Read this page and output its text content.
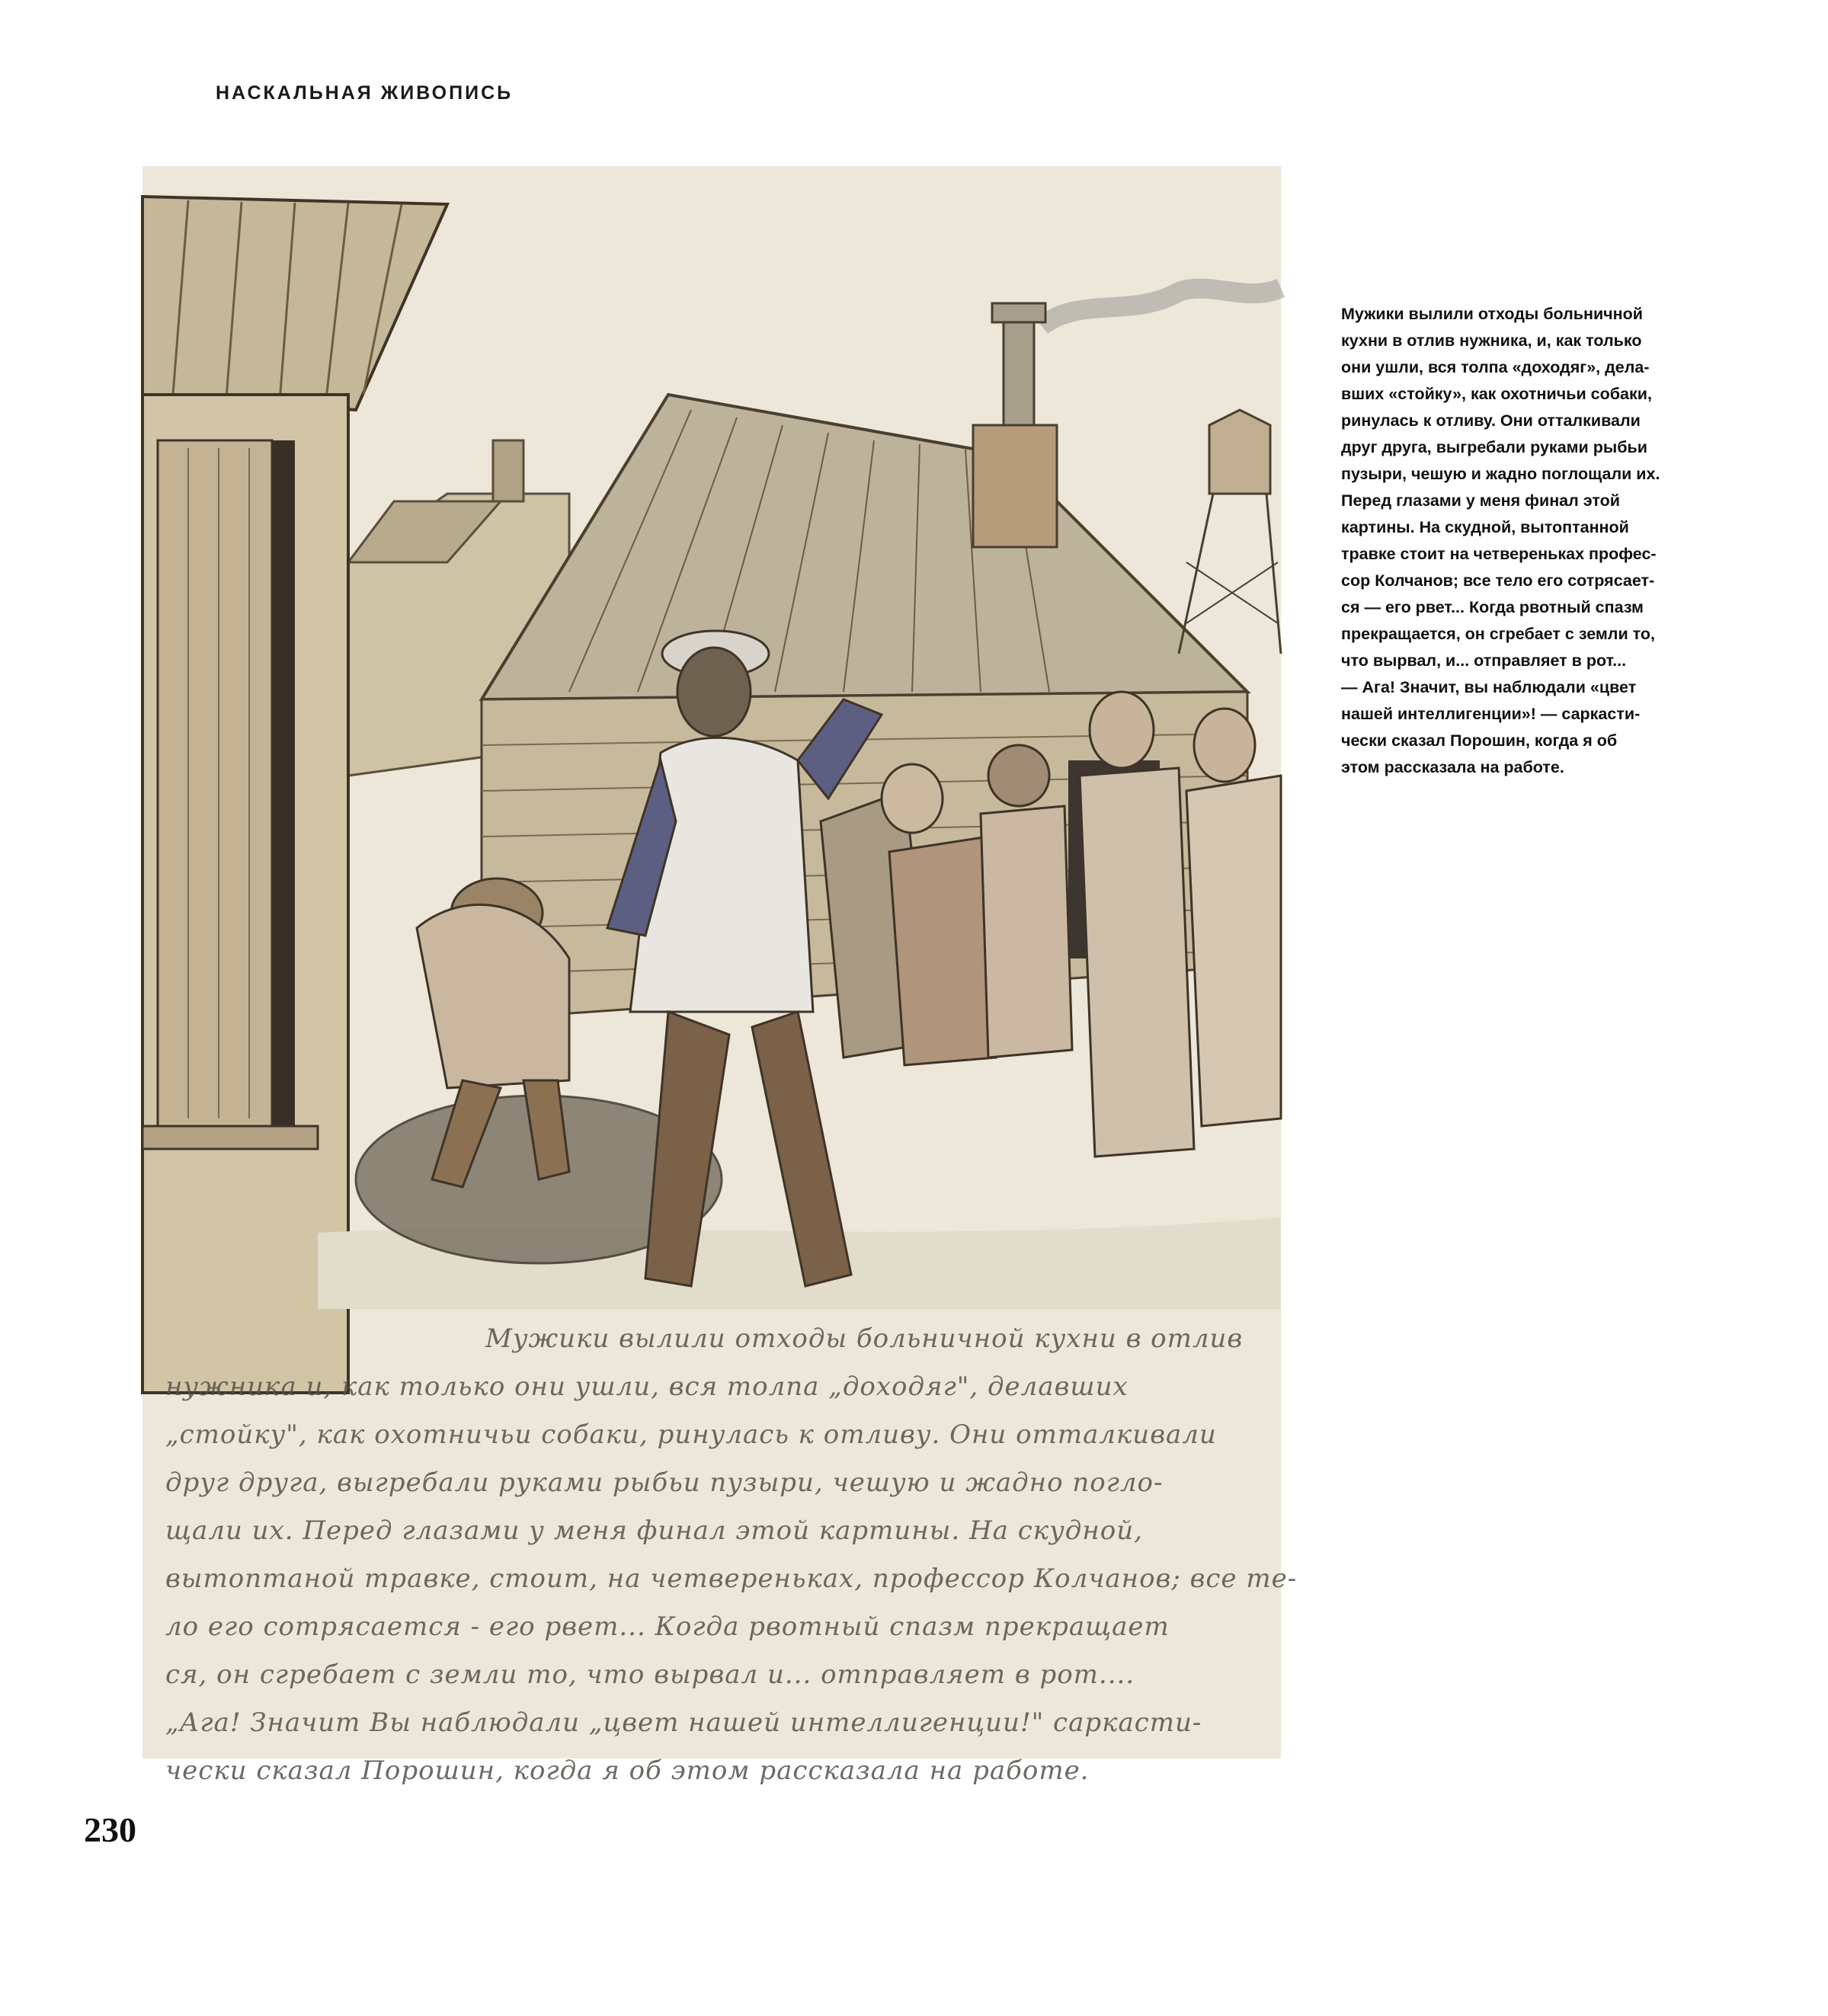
НАСКАЛЬНАЯ ЖИВОПИСЬ
Мужики вылили отходы больничной кухни в отлив
нужника и, как только они ушли, вся толпа „доходяг", делавших
„стойку", как охотничьи собаки, ринулась к отливу. Они отталкивали
друг друга, выгребали руками рыбьи пузыри, чешую и жадно погло-
щали их. Перед глазами у меня финал этой картины. На скудной,
вытоптаной травке, стоит, на четвереньках, профессор Колчанов; все те-
ло его сотрясается - его рвет... Когда рвотный спазм прекращает
ся, он сгребает с земли то, что вырвал и... отправляет в рот....
„Ага! Значит Вы наблюдали „цвет нашей интеллигенции!" саркасти-
чески сказал Порошин, когда я об этом рассказала на работе.
Мужики вылили отходы больничной
кухни в отлив нужника, и, как только
они ушли, вся толпа «доходяг», дела-
вших «стойку», как охотничьи собаки,
ринулась к отливу. Они отталкивали
друг друга, выгребали руками рыбьи
пузыри, чешую и жадно поглощали их.
Перед глазами у меня финал этой
картины. На скудной, вытоптанной
травке стоит на четвереньках профес-
сор Колчанов; все тело его сотрясает-
ся — его рвет... Когда рвотный спазм
прекращается, он сгребает с земли то,
что вырвал, и... отправляет в рот...
— Ага! Значит, вы наблюдали «цвет
нашей интеллигенции»! — саркасти-
чески сказал Порошин, когда я об
этом рассказала на работе.
230
